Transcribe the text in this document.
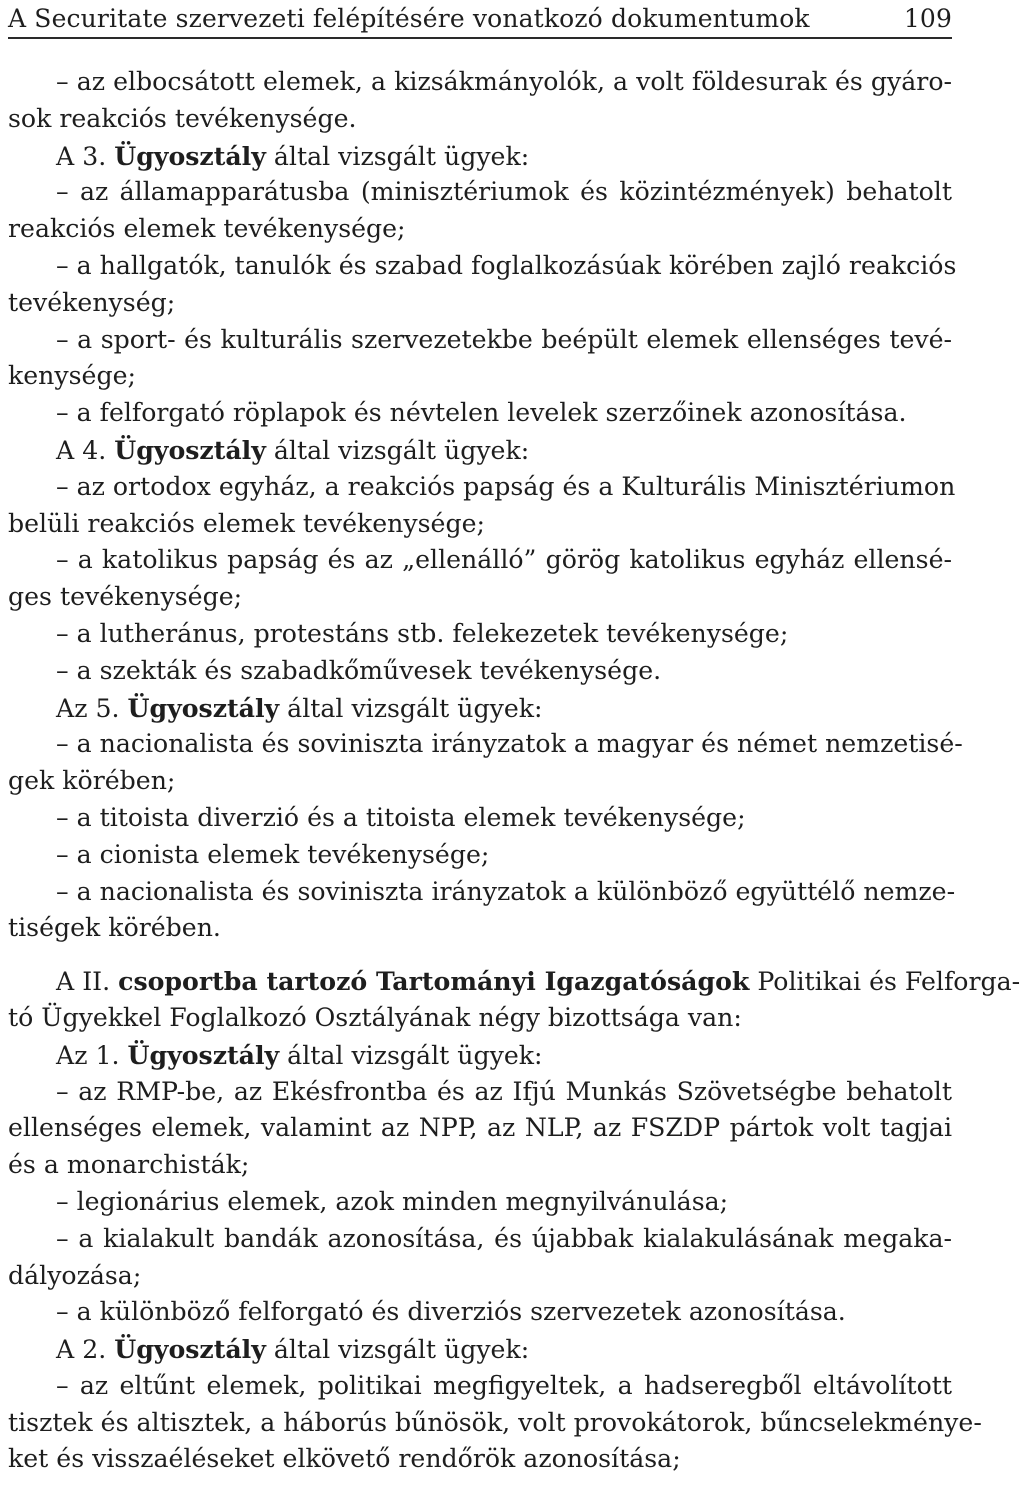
A Securitate szervezeti felépítésére vonatkozó dokumentumok	109
– az elbocsátott elemek, a kizsákmányolók, a volt földesurak és gyáro-
sok reakciós tevékenysége.
A 3. Ügyosztály által vizsgált ügyek:
– az államapparátusba (minisztériumok és közintézmények) behatolt
reakciós elemek tevékenysége;
– a hallgatók, tanulók és szabad foglalkozásúak körében zajló reakciós
tevékenység;
– a sport- és kulturális szervezetekbe beépült elemek ellenséges tevé-
kenysége;
– a felforgató röplapok és névtelen levelek szerzőinek azonosítása.
A 4. Ügyosztály által vizsgált ügyek:
– az ortodox egyház, a reakciós papság és a Kulturális Minisztériumon
belüli reakciós elemek tevékenysége;
– a katolikus papság és az „ellenálló” görög katolikus egyház ellensé-
ges tevékenysége;
– a lutheránus, protestáns stb. felekezetek tevékenysége;
– a szekták és szabadkőművesek tevékenysége.
Az 5. Ügyosztály által vizsgált ügyek:
– a nacionalista és soviniszta irányzatok a magyar és német nemzetisé-
gek körében;
– a titoista diverzió és a titoista elemek tevékenysége;
– a cionista elemek tevékenysége;
– a nacionalista és soviniszta irányzatok a különböző együttélő nemze-
tiségek körében.
A II. csoportba tartozó Tartományi Igazgatóságok Politikai és Felforga-
tó Ügyekkel Foglalkozó Osztályának négy bizottsága van:
Az 1. Ügyosztály által vizsgált ügyek:
– az RMP-be, az Ekésfrontba és az Ifjú Munkás Szövetségbe behatolt
ellenséges elemek, valamint az NPP, az NLP, az FSZDP pártok volt tagjai
és a monarchisták;
– legionárius elemek, azok minden megnyilvánulása;
– a kialakult bandák azonosítása, és újabbak kialakulásának megaka-
dályozása;
– a különböző felforgató és diverziós szervezetek azonosítása.
A 2. Ügyosztály által vizsgált ügyek:
– az eltűnt elemek, politikai megfigyeltek, a hadseregből eltávolított
tisztek és altisztek, a háborús bűnösök, volt provokátorok, bűncselekménye-
ket és visszaéléseket elkövető rendőrök azonosítása;
